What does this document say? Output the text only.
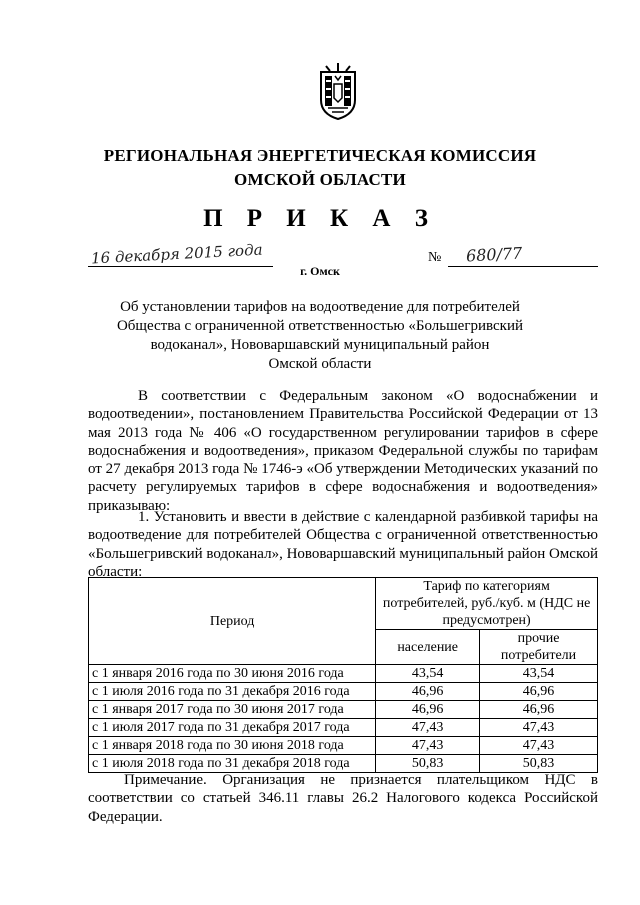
РЕГИОНАЛЬНАЯ ЭНЕРГЕТИЧЕСКАЯ КОМИССИЯ
ОМСКОЙ ОБЛАСТИ
П Р И К А З
16 декабря 2015 года	№ 680/77
г. Омск
Об установлении тарифов на водоотведение для потребителей
Общества с ограниченной ответственностью «Большегривский
водоканал», Нововаршавский муниципальный район
Омской области
В соответствии с Федеральным законом «О водоснабжении и водоотведении», постановлением Правительства Российской Федерации от 13 мая 2013 года № 406 «О государственном регулировании тарифов в сфере водоснабжения и водоотведения», приказом Федеральной службы по тарифам от 27 декабря 2013 года № 1746-э «Об утверждении Методических указаний по расчету регулируемых тарифов в сфере водоснабжения и водоотведения» приказываю:
1. Установить и ввести в действие с календарной разбивкой тарифы на водоотведение для потребителей Общества с ограниченной ответственностью «Большегривский водоканал», Нововаршавский муниципальный район Омской области:
Период	Тариф по категориям потребителей, руб./куб. м (НДС не предусмотрен)	
	население	прочие потребители
с 1 января 2016 года по 30 июня 2016 года	43,54	43,54
с 1 июля 2016 года по 31 декабря 2016 года	46,96	46,96
с 1 января 2017 года по 30 июня 2017 года	46,96	46,96
с 1 июля 2017 года по 31 декабря 2017 года	47,43	47,43
с 1 января 2018 года по 30 июня 2018 года	47,43	47,43
с 1 июля 2018 года по 31 декабря 2018 года	50,83	50,83
Примечание. Организация не признается плательщиком НДС в соответствии со статьей 346.11 главы 26.2 Налогового кодекса Российской Федерации.
